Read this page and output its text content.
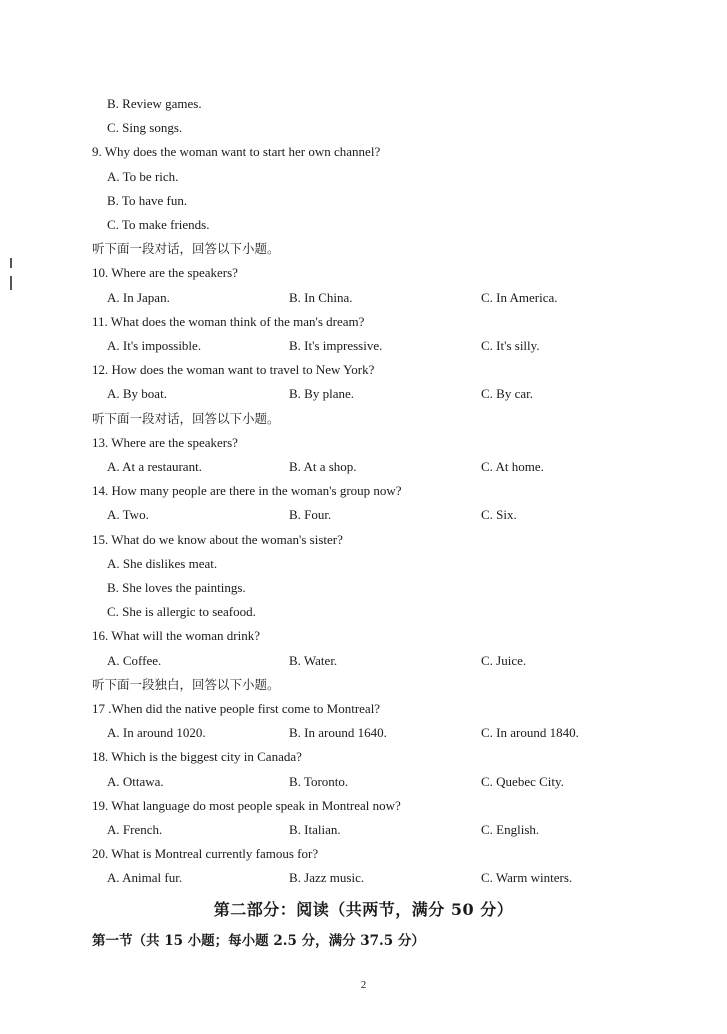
B. Review games.
C. Sing songs.
9. Why does the woman want to start her own channel?
A. To be rich.
B. To have fun.
C. To make friends.
听下面一段对话，回答以下小题。
10. Where are the speakers?
A. In Japan.	B. In China.	C. In America.
11. What does the woman think of the man's dream?
A. It's impossible.	B. It's impressive.	C. It's silly.
12. How does the woman want to travel to New York?
A. By boat.	B. By plane.	C. By car.
听下面一段对话，回答以下小题。
13. Where are the speakers?
A. At a restaurant.	B. At a shop.	C. At home.
14. How many people are there in the woman's group now?
A. Two.	B. Four.	C. Six.
15. What do we know about the woman's sister?
A. She dislikes meat.
B. She loves the paintings.
C. She is allergic to seafood.
16. What will the woman drink?
A. Coffee.	B. Water.	C. Juice.
听下面一段独白，回答以下小题。
17 .When did the native people first come to Montreal?
A. In around 1020.	B. In around 1640.	C. In around 1840.
18. Which is the biggest city in Canada?
A. Ottawa.	B. Toronto.	C. Quebec City.
19. What language do most people speak in Montreal now?
A. French.	B. Italian.	C. English.
20. What is Montreal currently famous for?
A. Animal fur.	B. Jazz music.	C. Warm winters.
第二部分：阅读（共两节，满分 50 分）
第一节（共 15 小题；每小题 2.5 分，满分 37.5 分）
2
